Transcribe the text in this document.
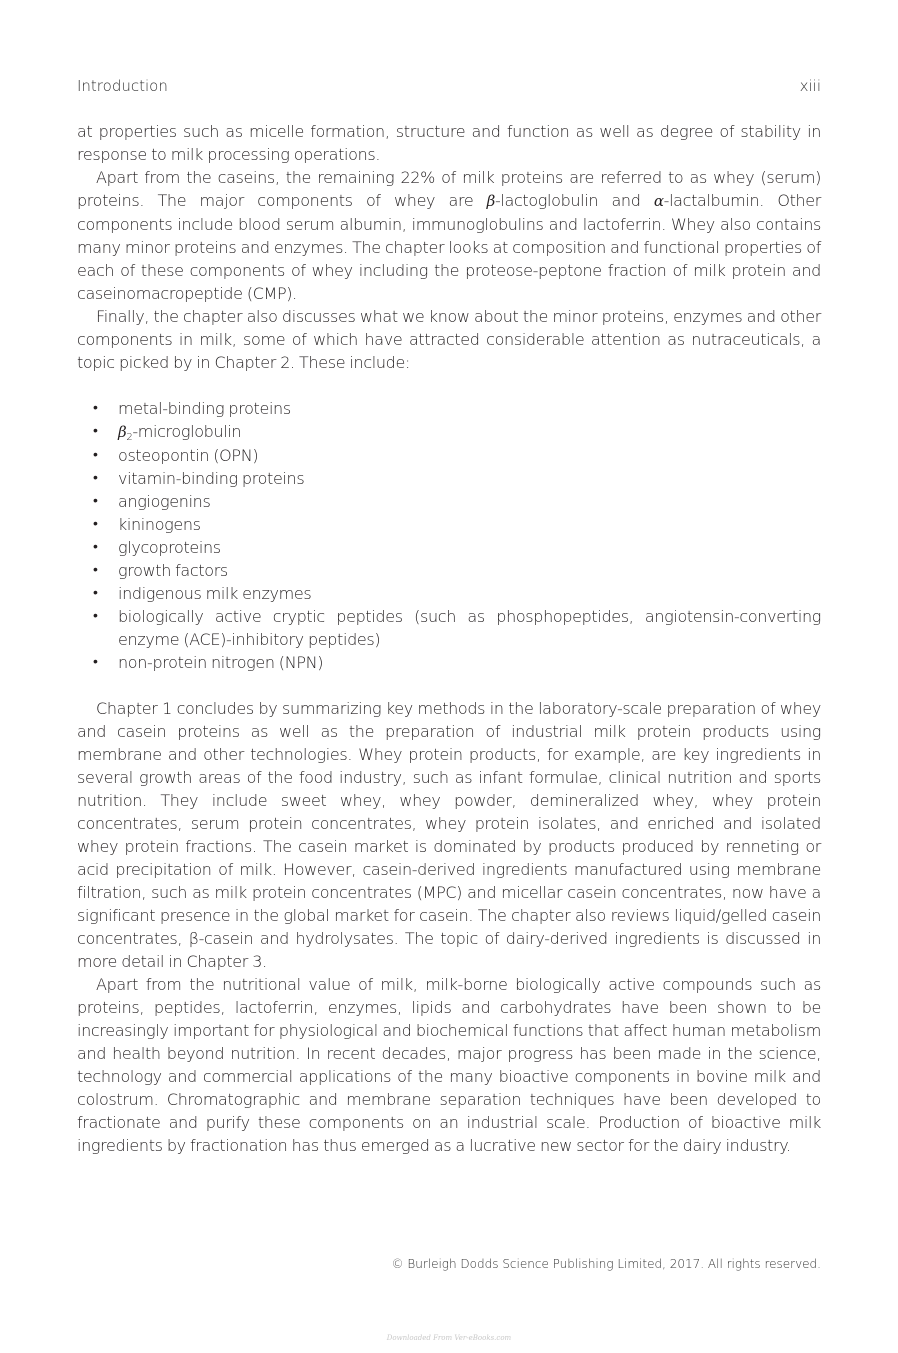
Introduction	xiii

at properties such as micelle formation, structure and function as well as degree of stability in response to milk processing operations.

Apart from the caseins, the remaining 22% of milk proteins are referred to as whey (serum) proteins. The major components of whey are β-lactoglobulin and α-lactalbumin. Other components include blood serum albumin, immunoglobulins and lactoferrin. Whey also contains many minor proteins and enzymes. The chapter looks at composition and functional properties of each of these components of whey including the proteose-peptone fraction of milk protein and caseinomacropeptide (CMP).

Finally, the chapter also discusses what we know about the minor proteins, enzymes and other components in milk, some of which have attracted considerable attention as nutraceuticals, a topic picked by in Chapter 2. These include:

• metal-binding proteins
• $\beta_2$-microglobulin
• osteopontin (OPN)
• vitamin-binding proteins
• angiogenins
• kininogens
• glycoproteins
• growth factors
• indigenous milk enzymes
• biologically active cryptic peptides (such as phosphopeptides, angiotensin-converting enzyme (ACE)-inhibitory peptides)
• non-protein nitrogen (NPN)

Chapter 1 concludes by summarizing key methods in the laboratory-scale preparation of whey and casein proteins as well as the preparation of industrial milk protein products using membrane and other technologies. Whey protein products, for example, are key ingredients in several growth areas of the food industry, such as infant formulae, clinical nutrition and sports nutrition. They include sweet whey, whey powder, demineralized whey, whey protein concentrates, serum protein concentrates, whey protein isolates, and enriched and isolated whey protein fractions. The casein market is dominated by products produced by renneting or acid precipitation of milk. However, casein-derived ingredients manufactured using membrane filtration, such as milk protein concentrates (MPC) and micellar casein concentrates, now have a significant presence in the global market for casein. The chapter also reviews liquid/gelled casein concentrates, β-casein and hydrolysates. The topic of dairy-derived ingredients is discussed in more detail in Chapter 3.

Apart from the nutritional value of milk, milk-borne biologically active compounds such as proteins, peptides, lactoferrin, enzymes, lipids and carbohydrates have been shown to be increasingly important for physiological and biochemical functions that affect human metabolism and health beyond nutrition. In recent decades, major progress has been made in the science, technology and commercial applications of the many bioactive components in bovine milk and colostrum. Chromatographic and membrane separation techniques have been developed to fractionate and purify these components on an industrial scale. Production of bioactive milk ingredients by fractionation has thus emerged as a lucrative new sector for the dairy industry.

© Burleigh Dodds Science Publishing Limited, 2017. All rights reserved.
Downloaded From Ver-eBooks.com
